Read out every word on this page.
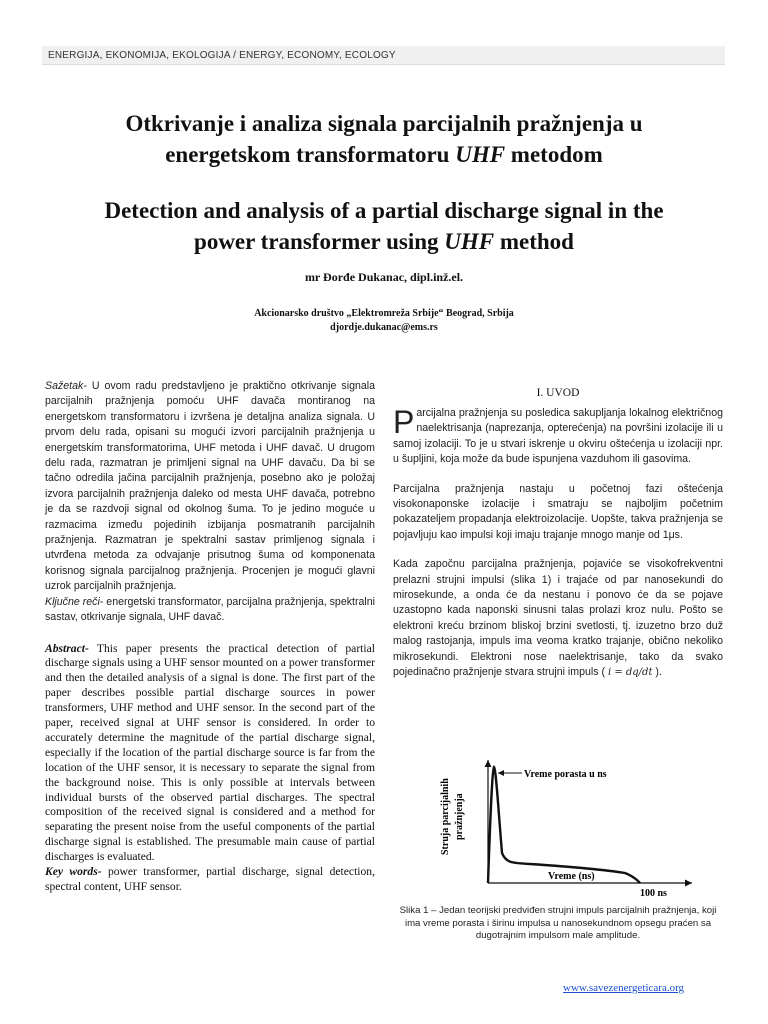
ENERGIJA, EKONOMIJA, EKOLOGIJA / ENERGY, ECONOMY, ECOLOGY
Otkrivanje i analiza signala parcijalnih pražnjenja u
energetskom transformatoru UHF metodom
Detection and analysis of a partial discharge signal in the
power transformer using UHF method
mr Đorđe Dukanac, dipl.inž.el.
Akcionarsko društvo „Elektromreža Srbije“ Beograd, Srbija
djordje.dukanac@ems.rs

Sažetak- U ovom radu predstavljeno je praktično otkrivanje signala parcijalnih pražnjenja pomoću UHF davača montiranog na energetskom transformatoru i izvršena je detaljna analiza signala. U prvom delu rada, opisani su mogući izvori parcijalnih pražnjenja u energetskim transformatorima, UHF metoda i UHF davač. U drugom delu rada, razmatran je primljeni signal na UHF davaču. Da bi se tačno odredila jačina parcijalnih pražnjenja, posebno ako je položaj izvora parcijalnih pražnjenja daleko od mesta UHF davača, potrebno je da se razdvoji signal od okolnog šuma. To je jedino moguće u razmacima između pojedinih izbijanja posmatranih parcijalnih pražnjenja. Razmatran je spektralni sastav primljenog signala i utvrđena metoda za odvajanje prisutnog šuma od komponenata korisnog signala parcijalnog pražnjenja. Procenjen je mogući glavni uzrok parcijalnih pražnjenja.

Ključne reči- energetski transformator, parcijalna pražnjenja, spektralni sastav, otkrivanje signala, UHF davač.

Abstract- This paper presents the practical detection of partial discharge signals using a UHF sensor mounted on a power transformer and then the detailed analysis of a signal is done. The first part of the paper describes possible partial discharge sources in power transformers, UHF method and UHF sensor. In the second part of the paper, received signal at UHF sensor is considered. In order to accurately determine the magnitude of the partial discharge signal, especially if the location of the partial discharge source is far from the location of the UHF sensor, it is necessary to separate the signal from the background noise. This is only possible at intervals between individual bursts of the observed partial discharges. The spectral composition of the received signal is considered and a method for separating the present noise from the useful components of the partial discharge signal is established. The presumable main cause of partial discharges is evaluated.

Key words- power transformer, partial discharge, signal detection, spectral content, UHF sensor.

I. UVOD

Parcijalna pražnjenja su posledica sakupljanja lokalnog električnog naelektrisanja (naprezanja, opterećenja) na površini izolacije ili u samoj izolaciji. To je u stvari iskrenje u okviru oštećenja u izolaciji npr. u šupljini, koja može da bude ispunjena vazduhom ili gasovima.

Parcijalna pražnjenja nastaju u početnoj fazi oštećenja visokonaponske izolacije i smatraju se najboljim početnim pokazateljem propadanja elektroizolacije. Uopšte, takva pražnjenja se pojavljuju kao impulsi koji imaju trajanje mnogo manje od 1μs.

Kada započnu parcijalna pražnjenja, pojaviće se visokofrekventni prelazni strujni impulsi (slika 1) i trajaće od par nanosekundi do mirosekunde, a onda će da nestanu i ponovo će da se pojave uzastopno kada naponski sinusni talas prolazi kroz nulu. Pošto se elektroni kreću brzinom bliskoj brzini svetlosti, tj. izuzetno brzo duž malog rastojanja, impuls ima veoma kratko trajanje, obično nekoliko mikrosekundi. Elektroni nose naelektrisanje, tako da svako pojedinačno pražnjenje stvara strujni impuls ( i = dq/dt ).

Vreme porasta u ns
Struja parcijalnih pražnjenja
Vreme (ns)
100 ns
Slika 1 – Jedan teorijski predviđen strujni impuls parcijalnih pražnjenja, koji ima vreme porasta i širinu impulsa u nanosekundnom opsegu praćen sa dugotrajnim impulsom male amplitude.
www.savezenergeticara.org
